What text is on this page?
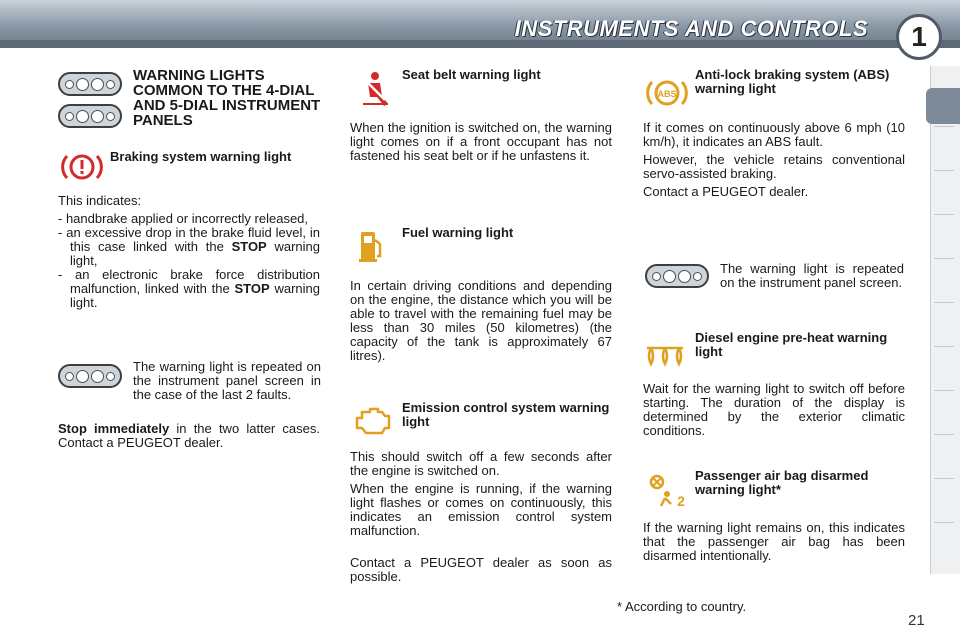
INSTRUMENTS AND CONTROLS	1
WARNING LIGHTS COMMON TO THE 4-DIAL AND 5-DIAL INSTRUMENT PANELS
Braking system warning light
This indicates:
- handbrake applied or incorrectly released,
- an excessive drop in the brake fluid level, in this case linked with the STOP warning light,
- an electronic brake force distribution malfunction, linked with the STOP warning light.
The warning light is repeated on the instrument panel screen in the case of the last 2 faults.
Stop immediately in the two latter cases. Contact a PEUGEOT dealer.
Seat belt warning light
When the ignition is switched on, the warning light comes on if a front occupant has not fastened his seat belt or if he unfastens it.
Fuel warning light
In certain driving conditions and depending on the engine, the distance which you will be able to travel with the remaining fuel may be less than 30 miles (50 kilometres) (the capacity of the tank is approximately 67 litres).
Emission control system warning light
This should switch off a few seconds after the engine is switched on.
When the engine is running, if the warning light flashes or comes on continuously, this indicates an emission control system malfunction.
Contact a PEUGEOT dealer as soon as possible.
ABS
Anti-lock braking system (ABS) warning light
If it comes on continuously above 6 mph (10 km/h), it indicates an ABS fault.
However, the vehicle retains conventional servo-assisted braking.
Contact a PEUGEOT dealer.
The warning light is repeated on the instrument panel screen.
Diesel engine pre-heat warning light
Wait for the warning light to switch off before starting. The duration of the display is determined by the exterior climatic conditions.
2
Passenger air bag disarmed warning light*
If the warning light remains on, this indicates that the passenger air bag has been disarmed intentionally.
* According to country.
21
